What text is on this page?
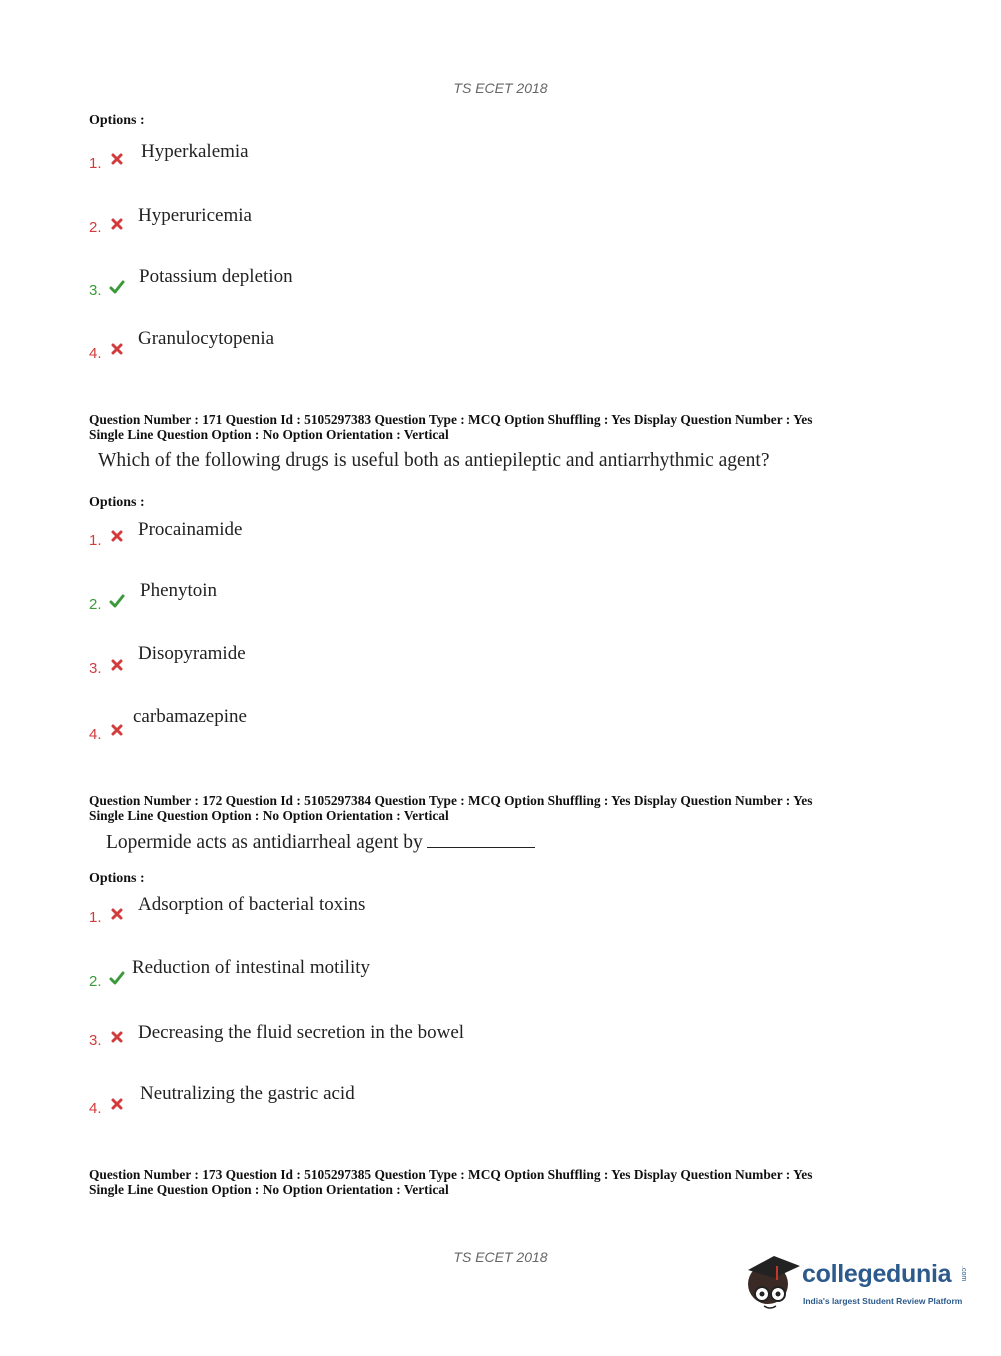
TS ECET 2018
Options :
1.
Hyperkalemia
2.
Hyperuricemia
3.
Potassium depletion
4.
Granulocytopenia
Question Number : 171 Question Id : 5105297383 Question Type : MCQ Option Shuffling : Yes Display Question Number : Yes
Single Line Question Option : No Option Orientation : Vertical
Which of the following drugs is useful both as antiepileptic and antiarrhythmic agent?
Options :
1.
Procainamide
2.
Phenytoin
3.
Disopyramide
4.
carbamazepine
Question Number : 172 Question Id : 5105297384 Question Type : MCQ Option Shuffling : Yes Display Question Number : Yes
Single Line Question Option : No Option Orientation : Vertical
Lopermide acts as antidiarrheal agent by
Options :
1.
Adsorption of bacterial toxins
2.
Reduction of intestinal motility
3. Decreasing the fluid secretion in the bowel
4.
Neutralizing the gastric acid
Question Number : 173 Question Id : 5105297385 Question Type : MCQ Option Shuffling : Yes Display Question Number : Yes
Single Line Question Option : No Option Orientation : Vertical
TS ECET 2018
collegedunia .com
India's largest Student Review Platform
